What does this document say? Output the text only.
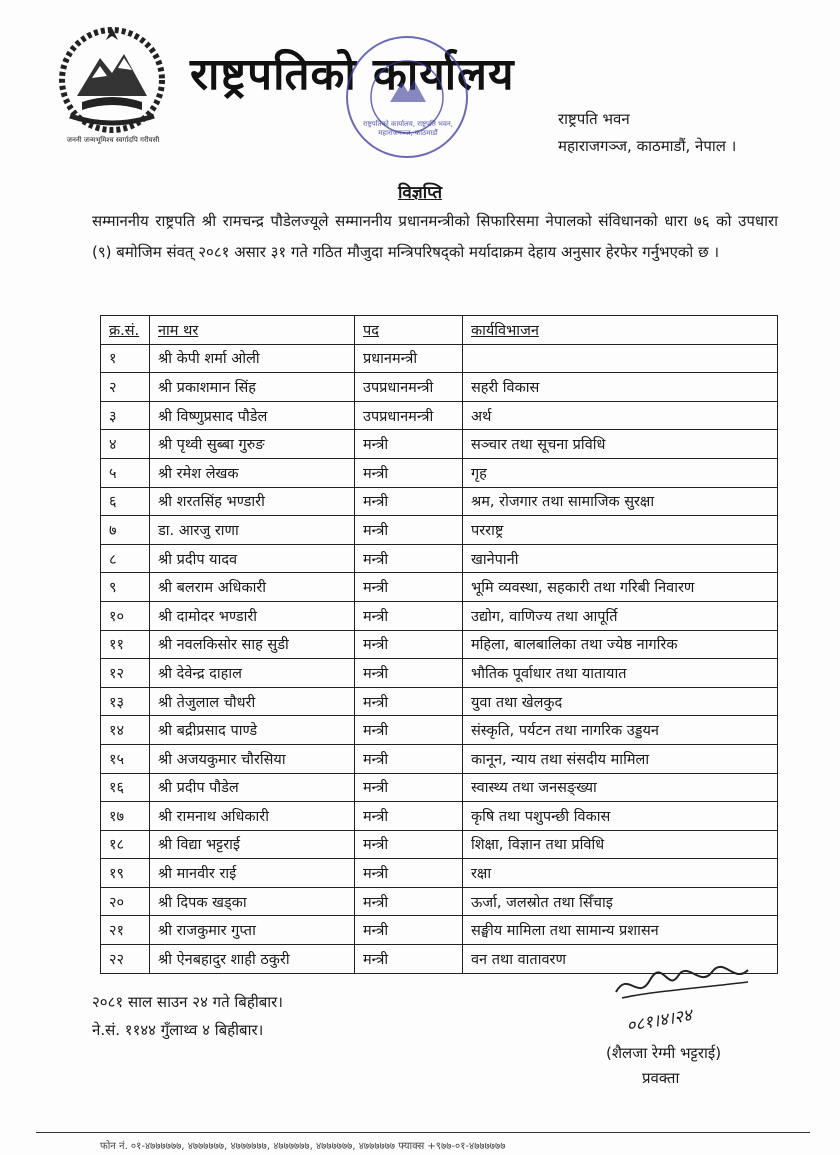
जननी जन्मभूमिश्च स्वर्गादपि गरीयसी
राष्ट्रपतिको कार्यालय
राष्ट्रपतिको कार्यालय, राष्ट्रपति भवन, महाराजगञ्ज, काठमाडौं
राष्ट्रपति भवन
महाराजगञ्ज, काठमाडौं, नेपाल ।
विज्ञप्ति
सम्माननीय राष्ट्रपति श्री रामचन्द्र पौडेलज्यूले सम्माननीय प्रधानमन्त्रीको सिफारिसमा नेपालको संविधानको धारा ७६ को उपधारा (९) बमोजिम संवत् २०८१ असार ३१ गते गठित मौजुदा मन्त्रिपरिषद्को मर्यादाक्रम देहाय अनुसार हेरफेर गर्नुभएको छ ।
क्र.सं.	नाम थर	पद	कार्यविभाजन
१	श्री केपी शर्मा ओली	प्रधानमन्त्री	
२	श्री प्रकाशमान सिंह	उपप्रधानमन्त्री	सहरी विकास
३	श्री विष्णुप्रसाद पौडेल	उपप्रधानमन्त्री	अर्थ
४	श्री पृथ्वी सुब्बा गुरुङ	मन्त्री	सञ्चार तथा सूचना प्रविधि
५	श्री रमेश लेखक	मन्त्री	गृह
६	श्री शरतसिंह भण्डारी	मन्त्री	श्रम, रोजगार तथा सामाजिक सुरक्षा
७	डा. आरजु राणा	मन्त्री	परराष्ट्र
८	श्री प्रदीप यादव	मन्त्री	खानेपानी
९	श्री बलराम अधिकारी	मन्त्री	भूमि व्यवस्था, सहकारी तथा गरिबी निवारण
१०	श्री दामोदर भण्डारी	मन्त्री	उद्योग, वाणिज्य तथा आपूर्ति
११	श्री नवलकिसोर साह सुडी	मन्त्री	महिला, बालबालिका तथा ज्येष्ठ नागरिक
१२	श्री देवेन्द्र दाहाल	मन्त्री	भौतिक पूर्वाधार तथा यातायात
१३	श्री तेजुलाल चौधरी	मन्त्री	युवा तथा खेलकुद
१४	श्री बद्रीप्रसाद पाण्डे	मन्त्री	संस्कृति, पर्यटन तथा नागरिक उड्डयन
१५	श्री अजयकुमार चौरसिया	मन्त्री	कानून, न्याय तथा संसदीय मामिला
१६	श्री प्रदीप पौडेल	मन्त्री	स्वास्थ्य तथा जनसङ्ख्या
१७	श्री रामनाथ अधिकारी	मन्त्री	कृषि तथा पशुपन्छी विकास
१८	श्री विद्या भट्टराई	मन्त्री	शिक्षा, विज्ञान तथा प्रविधि
१९	श्री मानवीर राई	मन्त्री	रक्षा
२०	श्री दिपक खड्का	मन्त्री	ऊर्जा, जलस्रोत तथा सिँचाइ
२१	श्री राजकुमार गुप्ता	मन्त्री	सङ्घीय मामिला तथा सामान्य प्रशासन
२२	श्री ऐनबहादुर शाही ठकुरी	मन्त्री	वन तथा वातावरण
२०८१ साल साउन २४ गते बिहीबार।
ने.सं. ११४४ गुँलाथ्व ४ बिहीबार।	०८१।४।२४
(शैलजा रेग्मी भट्टराई)
प्रवक्ता
फोन नं. ०१-४७७७७७७, ४७७७७७७, ४७७७७७७, ४७७७७७७, ४७७७७७७, ४७७७७७७ फ्याक्स +९७७-०१-४७७७७७७
